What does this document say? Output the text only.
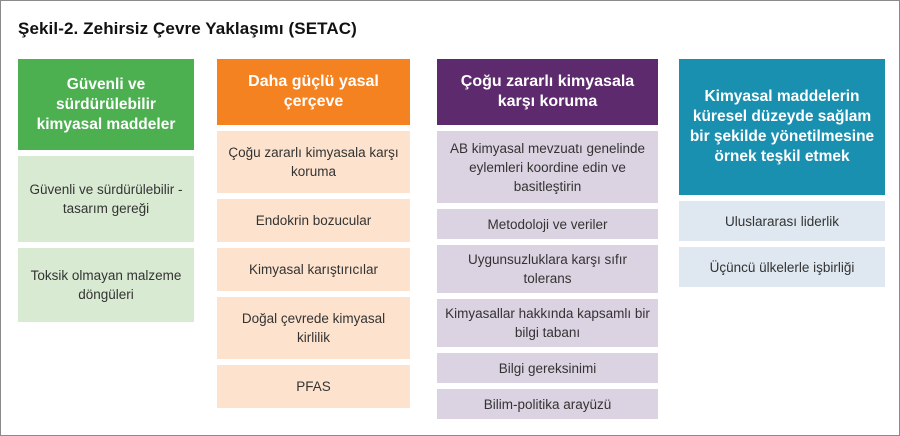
Şekil-2. Zehirsiz Çevre Yaklaşımı (SETAC)
Güvenli ve sürdürülebilir kimyasal maddeler
Güvenli ve sürdürülebilir -tasarım gereği
Toksik olmayan malzeme döngüleri
Daha güçlü yasal çerçeve
Çoğu zararlı kimyasala karşı koruma
Endokrin bozucular
Kimyasal karıştırıcılar
Doğal çevrede kimyasal kirlilik
PFAS
Çoğu zararlı kimyasala karşı koruma
AB kimyasal mevzuatı genelinde eylemleri koordine edin ve basitleştirin
Metodoloji ve veriler
Uygunsuzluklara karşı sıfır tolerans
Kimyasallar hakkında kapsamlı bir bilgi tabanı
Bilgi gereksinimi
Bilim-politika arayüzü
Kimyasal maddelerin küresel düzeyde sağlam bir şekilde yönetilmesine örnek teşkil etmek
Uluslararası liderlik
Üçüncü ülkelerle işbirliği
